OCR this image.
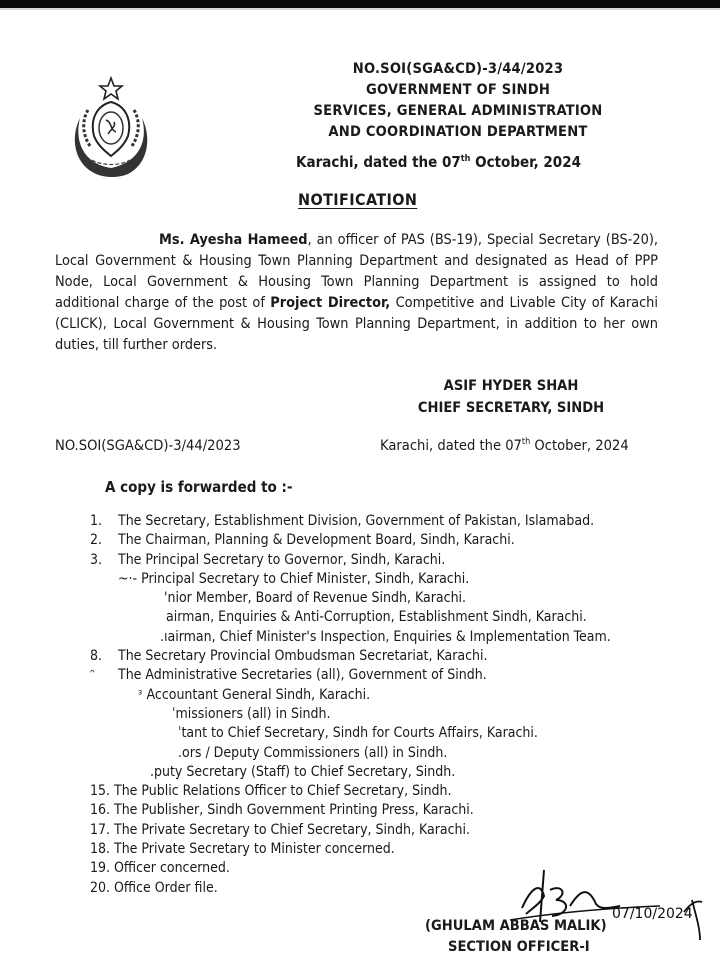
NO.SOI(SGA&CD)-3/44/2023
GOVERNMENT OF SINDH
SERVICES, GENERAL ADMINISTRATION
AND COORDINATION DEPARTMENT
Karachi, dated the 07th October, 2024
NOTIFICATION
Ms. Ayesha Hameed, an officer of PAS (BS-19), Special Secretary (BS-20), Local Government & Housing Town Planning Department and designated as Head of PPP Node, Local Government & Housing Town Planning Department is assigned to hold additional charge of the post of Project Director, Competitive and Livable City of Karachi (CLICK), Local Government & Housing Town Planning Department, in addition to her own duties, till further orders.
ASIF HYDER SHAH
CHIEF SECRETARY, SINDH
NO.SOI(SGA&CD)-3/44/2023	Karachi, dated the 07th October, 2024
A copy is forwarded to :-
1.	The Secretary, Establishment Division, Government of Pakistan, Islamabad.
2.	The Chairman, Planning & Development Board, Sindh, Karachi.
3.	The Principal Secretary to Governor, Sindh, Karachi.
~·- Principal Secretary to Chief Minister, Sindh, Karachi.
'nior Member, Board of Revenue Sindh, Karachi.
airman, Enquiries & Anti-Corruption, Establishment Sindh, Karachi.
.ıairman, Chief Minister's Inspection, Enquiries & Implementation Team.
8.	The Secretary Provincial Ombudsman Secretariat, Karachi.
ᵔ	The Administrative Secretaries (all), Government of Sindh.
ᵌ Accountant General Sindh, Karachi.
ˈmissioners (all) in Sindh.
ˈtant to Chief Secretary, Sindh for Courts Affairs, Karachi.
.ors / Deputy Commissioners (all) in Sindh.
.puty Secretary (Staff) to Chief Secretary, Sindh.
15. The Public Relations Officer to Chief Secretary, Sindh.
16. The Publisher, Sindh Government Printing Press, Karachi.
17. The Private Secretary to Chief Secretary, Sindh, Karachi.
18. The Private Secretary to Minister concerned.
19. Officer concerned.
20. Office Order file.
07/10/2024
(GHULAM ABBAS MALIK)
SECTION OFFICER-I
